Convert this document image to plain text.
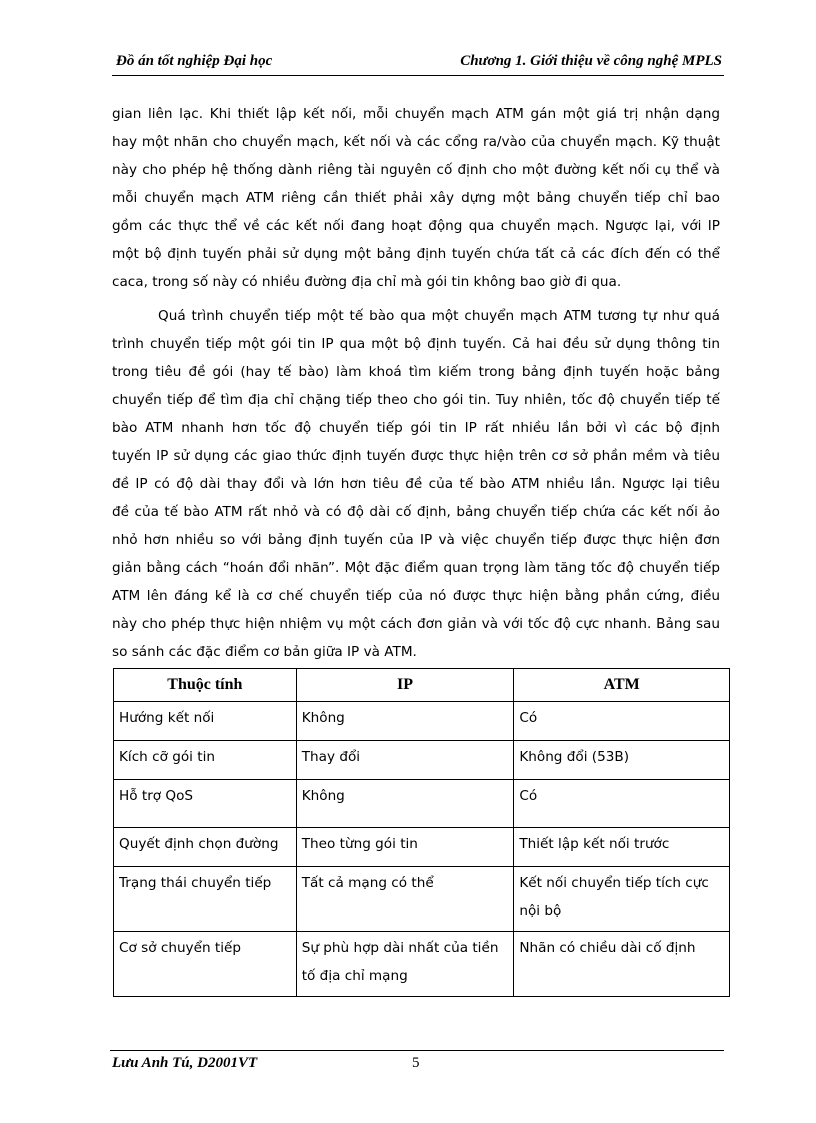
Đồ án tốt nghiệp Đại học	Chương 1. Giới thiệu về công nghệ MPLS

gian liên lạc. Khi thiết lập kết nối, mỗi chuyển mạch ATM gán một giá trị nhận dạng
hay một nhãn cho chuyển mạch, kết nối và các cổng ra/vào của chuyển mạch. Kỹ thuật
này cho phép hệ thống dành riêng tài nguyên cố định cho một đường kết nối cụ thể và
mỗi chuyển mạch ATM riêng cần thiết phải xây dựng một bảng chuyển tiếp chỉ bao
gồm các thực thể về các kết nối đang hoạt động qua chuyển mạch. Ngược lại, với IP
một bộ định tuyến phải sử dụng một bảng định tuyến chứa tất cả các đích đến có thể
caca, trong số này có nhiều đường địa chỉ mà gói tin không bao giờ đi qua.

Quá trình chuyển tiếp một tế bào qua một chuyển mạch ATM tương tự như quá
trình chuyển tiếp một gói tin IP qua một bộ định tuyến. Cả hai đều sử dụng thông tin
trong tiêu đề gói (hay tế bào) làm khoá tìm kiếm trong bảng định tuyến hoặc bảng
chuyển tiếp để tìm địa chỉ chặng tiếp theo cho gói tin. Tuy nhiên, tốc độ chuyển tiếp tế
bào ATM nhanh hơn tốc độ chuyển tiếp gói tin IP rất nhiều lần bởi vì các bộ định
tuyến IP sử dụng các giao thức định tuyến được thực hiện trên cơ sở phần mềm và tiêu
đề IP có độ dài thay đổi và lớn hơn tiêu đề của tế bào ATM nhiều lần. Ngược lại tiêu
đề của tế bào ATM rất nhỏ và có độ dài cố định, bảng chuyển tiếp chứa các kết nối ảo
nhỏ hơn nhiều so với bảng định tuyến của IP và việc chuyển tiếp được thực hiện đơn
giản bằng cách “hoán đổi nhãn”. Một đặc điểm quan trọng làm tăng tốc độ chuyển tiếp
ATM lên đáng kể là cơ chế chuyển tiếp của nó được thực hiện bằng phần cứng, điều
này cho phép thực hiện nhiệm vụ một cách đơn giản và với tốc độ cực nhanh. Bảng sau
so sánh các đặc điểm cơ bản giữa IP và ATM.

Thuộc tính	IP	ATM
Hướng kết nối	Không	Có
Kích cỡ gói tin	Thay đổi	Không đổi (53B)
Hỗ trợ QoS	Không	Có
Quyết định chọn đường	Theo từng gói tin	Thiết lập kết nối trước
Trạng thái chuyển tiếp	Tất cả mạng có thể	Kết nối chuyển tiếp tích cực nội bộ
Cơ sở chuyển tiếp	Sự phù hợp dài nhất của tiền tố địa chỉ mạng	Nhãn có chiều dài cố định
Lưu Anh Tú, D2001VT	5
